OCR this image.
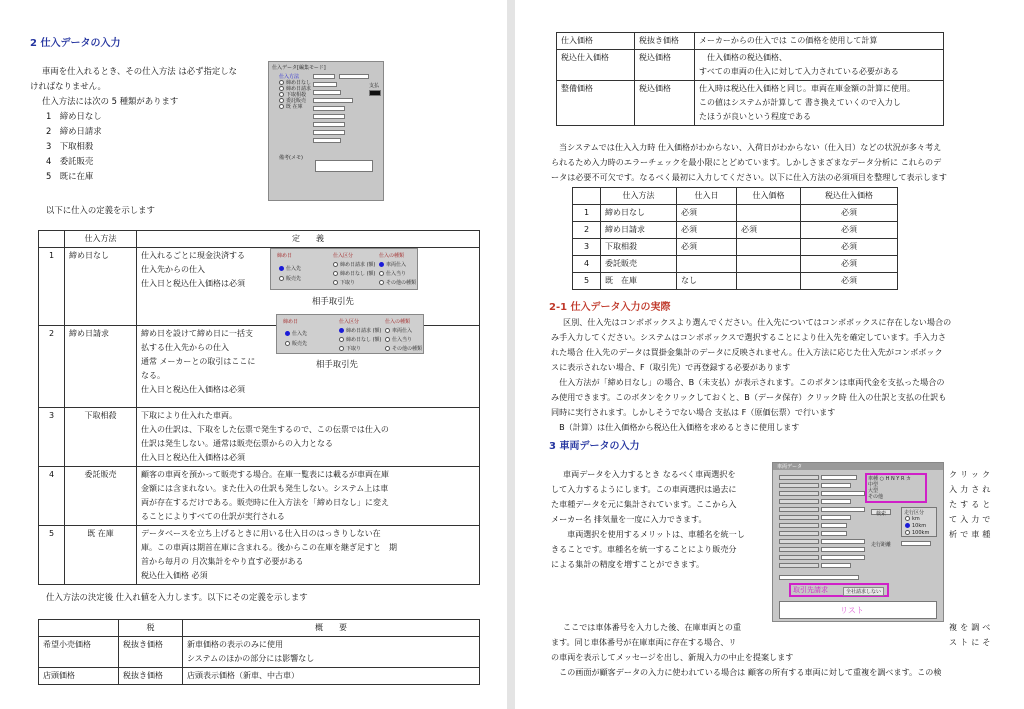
2 仕入データの入力
車両を仕入れるとき、その仕入方法 は必ず指定しな
ければなりません。
仕入方法には次の 5 種類があります
1　締め日なし
2　締め日請求
3　下取相殺
4　委託販売
5　既に在庫
仕入データ[編集モード]
仕入方法
締め日なし
締め日請求
下取相殺
委託販売
既 在庫
支払
備考(メモ)
以下に仕入の定義を示します
	仕入方法	定　　義
1	締め日なし	仕入れるごとに現金決済する
仕入先からの仕入
仕入日と税込仕入価格は必須

2	締め日請求	締め日を設けて締め日に一括支
払する仕入先からの仕入
通常 メーカーとの取引はここに
なる。
仕入日と税込仕入価格は必須

3	下取相殺	下取により仕入れた車両。
仕入の仕訳は、下取をした伝票で発生するので、この伝票では仕入の
仕訳は発生しない。通常は販売伝票からの入力となる
仕入日と税込仕入価格は必須

4	委託販売	顧客の車両を預かって販売する場合。在庫一覧表には載るが車両在庫
金額には含まれない。また仕入の仕訳も発生しない。システム上は車
両が存在するだけである。販売時に仕入方法を「締め日なし」に変え
ることによりすべての仕訳が実行される

5	既 在庫	データベースを立ち上げるときに用いる仕入日のはっきりしない在
庫。この車両は期首在庫に含まれる。後からこの在庫を継ぎ足すと　期
首から毎月の 月次集計をやり直す必要がある
税込仕入価格 必須
締め日
仕入先
販売先
仕入区分
締め日請求 (額)
締め日なし (額)
下取り
仕入の種類
車両仕入
仕入当り
その他の種類
相手取引先
締め日
仕入先
販売先
仕入区分
締め日請求 (額)
締め日なし (額)
下取り
仕入の種類
車両仕入
仕入当り
その他の種類
相手取引先
仕入方法の決定後 仕入れ値を入力します。以下にその定義を示します
	税	概　　要
希望小売価格	税抜き価格	新車価格の表示のみに使用
システムのほかの部分には影響なし

店頭価格	税抜き価格	店頭表示価格（新車、中古車）
仕入価格	税抜き価格	メーカーからの仕入では この価格を使用して計算
税込仕入価格	税込価格	　仕入価格の税込価格、
すべての車両の仕入に対して入力されている必要がある

整備価格	税込価格	仕入時は税込仕入価格と同じ。車両在庫金額の計算に使用。
この値はシステムが計算して 書き換えていくので入力し
たほうが良いという程度である
当システムでは仕入入力時 仕入価格がわからない、入荷日がわからない（仕入日）などの状況が多々考え
られるため入力時のエラーチェックを最小限にとどめています。しかしさまざまなデータ分析に これらのデ
ータは必要不可欠です。なるべく最初に入力してください。以下に仕入方法の必須項目を整理して表示します
	仕入方法	仕入日	仕入価格	税込仕入価格
1	締め日なし	必須		必須
2	締め日請求	必須	必須	必須
3	下取相殺	必須		必須
4	委託販売			必須
5	既　在庫	なし		必須
2-1 仕入データ入力の実際
区別、仕入先はコンボボックスより選んでください。仕入先についてはコンボボックスに存在しない場合の
み手入力してください。システムはコンボボックスで選択することにより仕入先を確定しています。手入力さ
れた場合 仕入先のデータは買掛金集計のデータに反映されません。仕入方法に応じた仕入先がコンボボック
スに表示されない場合、F（取引先）で再登録する必要があります
　仕入方法が「締め日なし」の場合、B（未支払）が表示されます。このボタンは車両代金を支払った場合の
み使用できます。このボタンをクリックしておくと、B（データ保存）クリック時 仕入の仕訳と支払の仕訳も
同時に実行されます。しかしそうでない場合 支払は F（原価伝票）で行います
　B（計算）は仕入価格から税込仕入価格を求めるときに使用します
3 車両データの入力
車両データを入力するとき なるべく車両選択を
して入力するようにします。この車両選択は過去に
た車種データを元に集計されています。ここから入
メーカー名 排気量を一度に入力できます。
　車両選択を使用するメリットは、車種名を統一し
きることです。車種名を統一することにより販売分
による集計の精度を増すことができます。
クリック
入力され
たすると
て入力で
析で車種
車両データ
車種 ○ H N Y R カ
中型
大型
その他
検索	走行区分
km
10km
100km
走行距離
取引先請求	全社請求しない
リスト
ここでは車体番号を入力した後、在庫車両との重	複を調べ
ストにそ
ます。同じ車体番号が在庫車両に存在する場合、リ
の車両を表示してメッセージを出し、新規入力の中止を提案します
　この画面が顧客データの入力に使われている場合は 顧客の所有する車両に対して重複を調べます。この検
